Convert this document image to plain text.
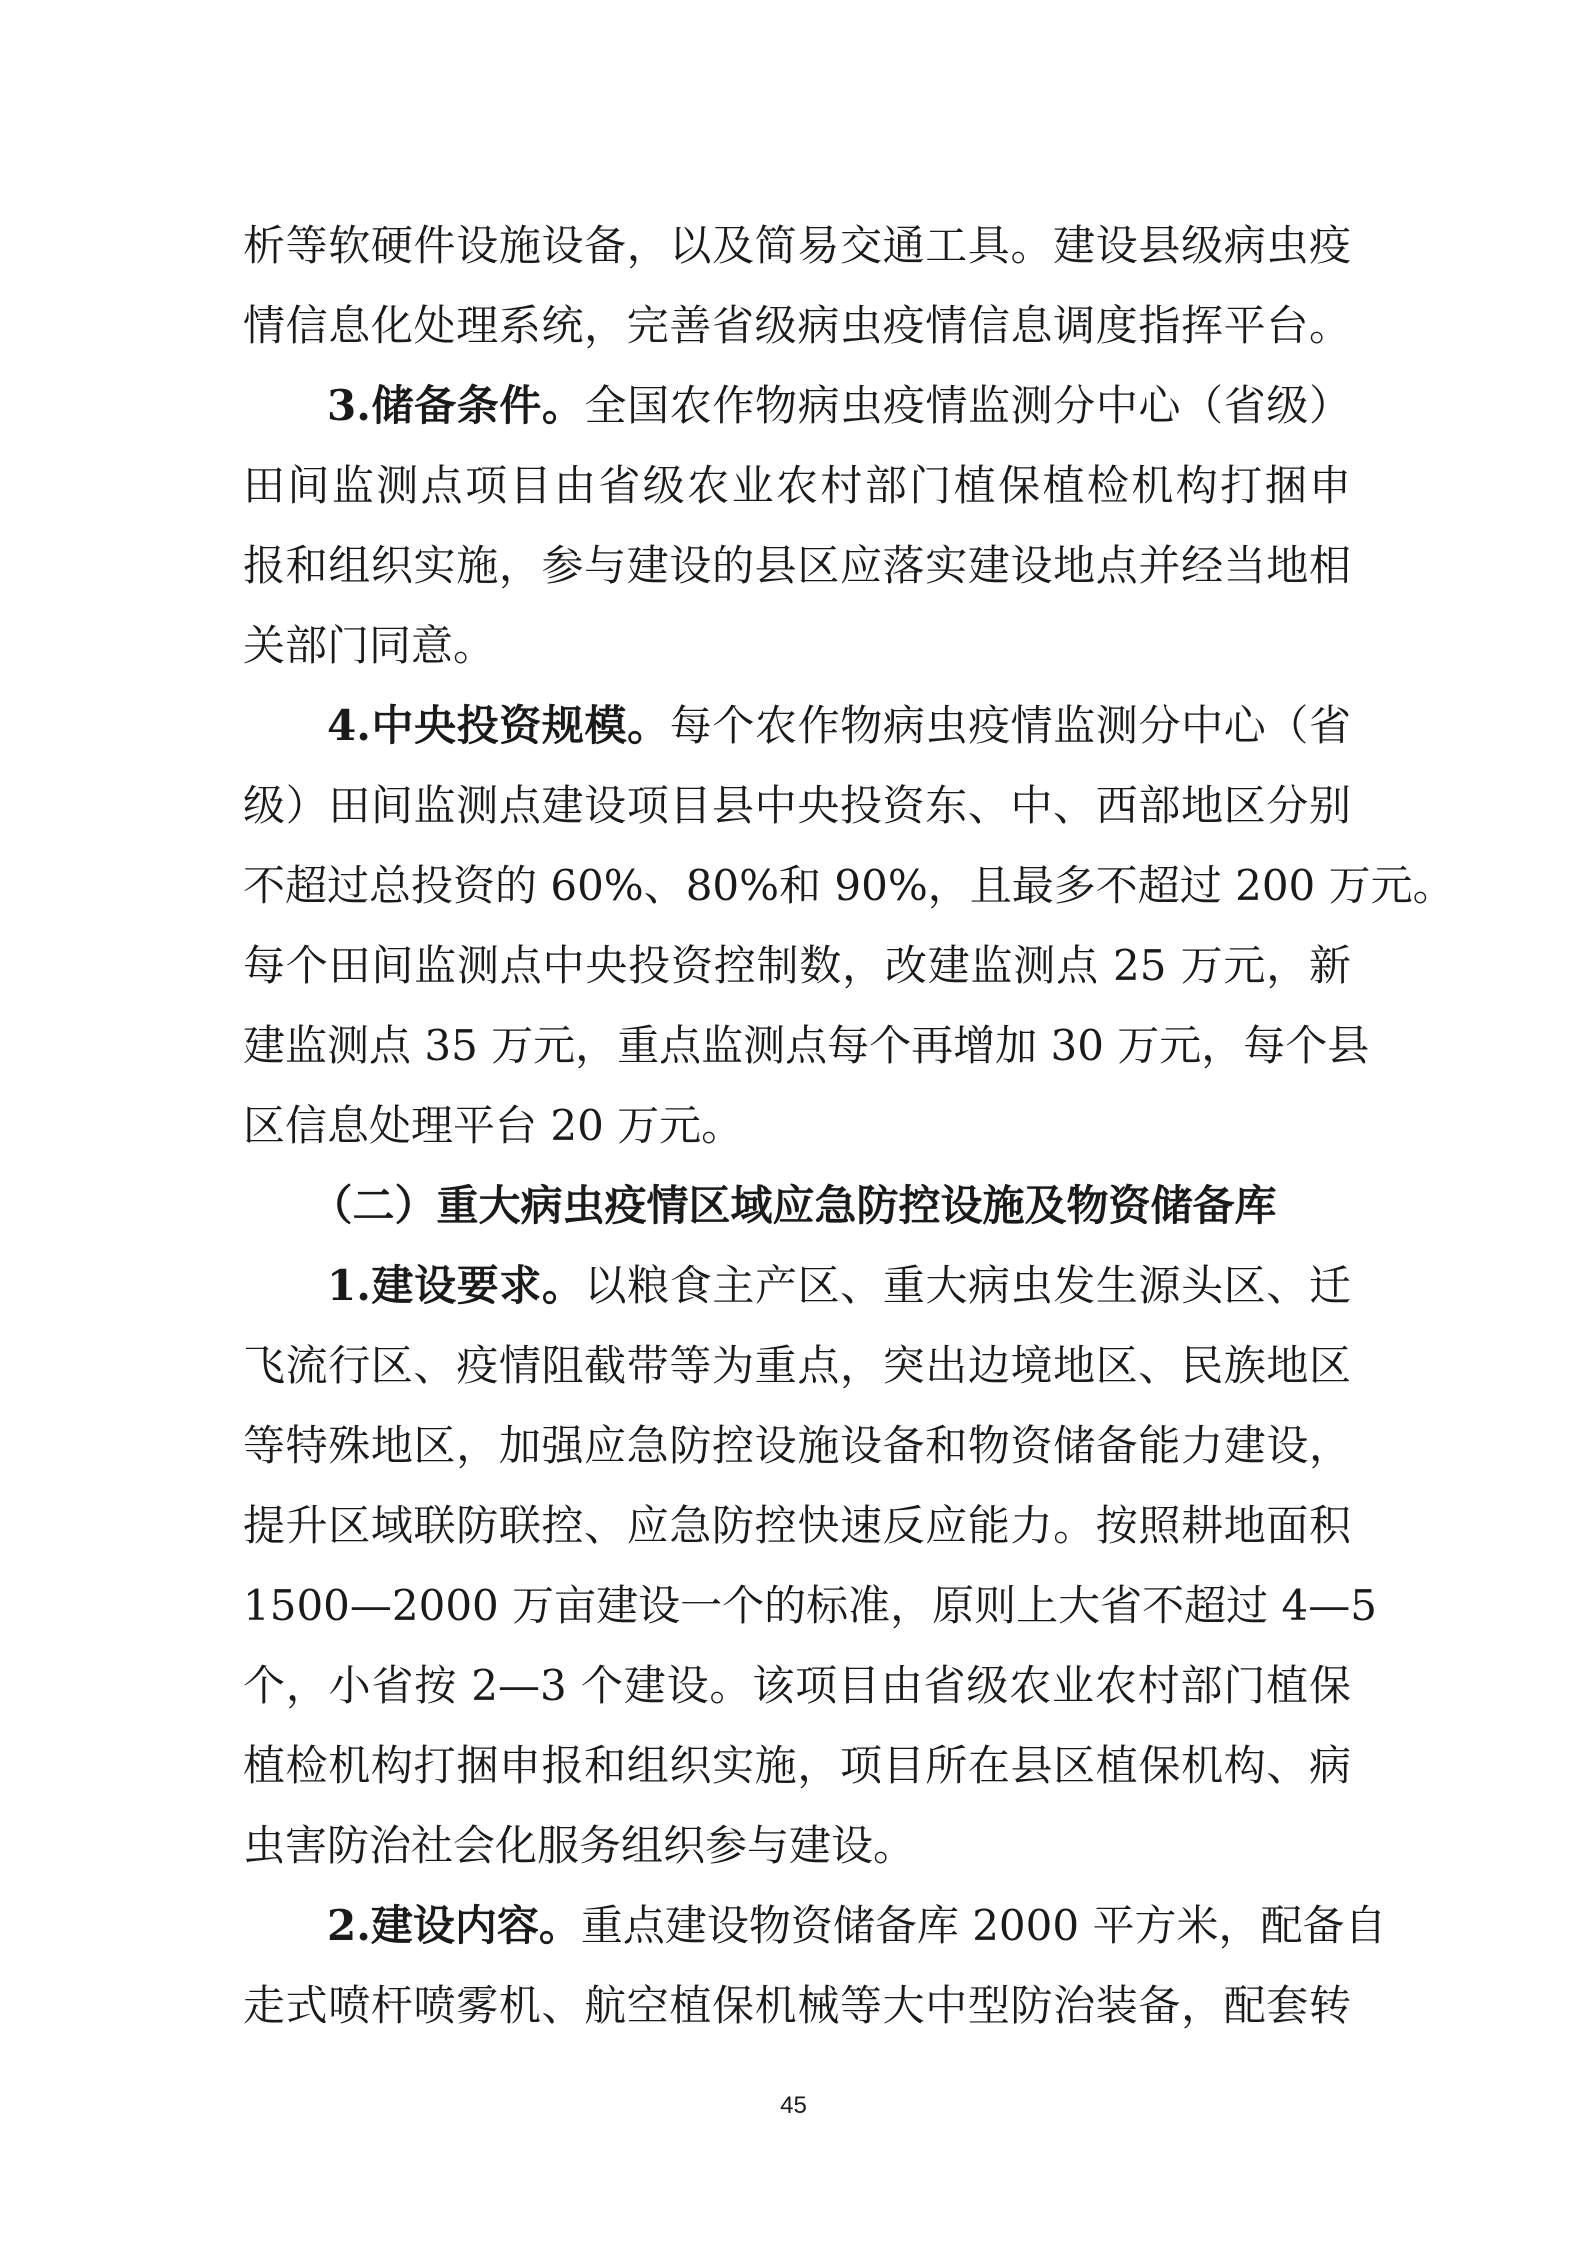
析等软硬件设施设备，以及简易交通工具。建设县级病虫疫
情信息化处理系统，完善省级病虫疫情信息调度指挥平台。
3.储备条件。全国农作物病虫疫情监测分中心（省级）
田间监测点项目由省级农业农村部门植保植检机构打捆申
报和组织实施，参与建设的县区应落实建设地点并经当地相
关部门同意。
4.中央投资规模。每个农作物病虫疫情监测分中心（省
级）田间监测点建设项目县中央投资东、中、西部地区分别
不超过总投资的 60%、80%和 90%，且最多不超过 200 万元。
每个田间监测点中央投资控制数，改建监测点 25 万元，新
建监测点 35 万元，重点监测点每个再增加 30 万元，每个县
区信息处理平台 20 万元。
（二）重大病虫疫情区域应急防控设施及物资储备库
1.建设要求。以粮食主产区、重大病虫发生源头区、迁
飞流行区、疫情阻截带等为重点，突出边境地区、民族地区
等特殊地区，加强应急防控设施设备和物资储备能力建设，
提升区域联防联控、应急防控快速反应能力。按照耕地面积
1500—2000 万亩建设一个的标准，原则上大省不超过 4—5
个，小省按 2—3 个建设。该项目由省级农业农村部门植保
植检机构打捆申报和组织实施，项目所在县区植保机构、病
虫害防治社会化服务组织参与建设。
2.建设内容。重点建设物资储备库 2000 平方米，配备自
走式喷杆喷雾机、航空植保机械等大中型防治装备，配套转
45
